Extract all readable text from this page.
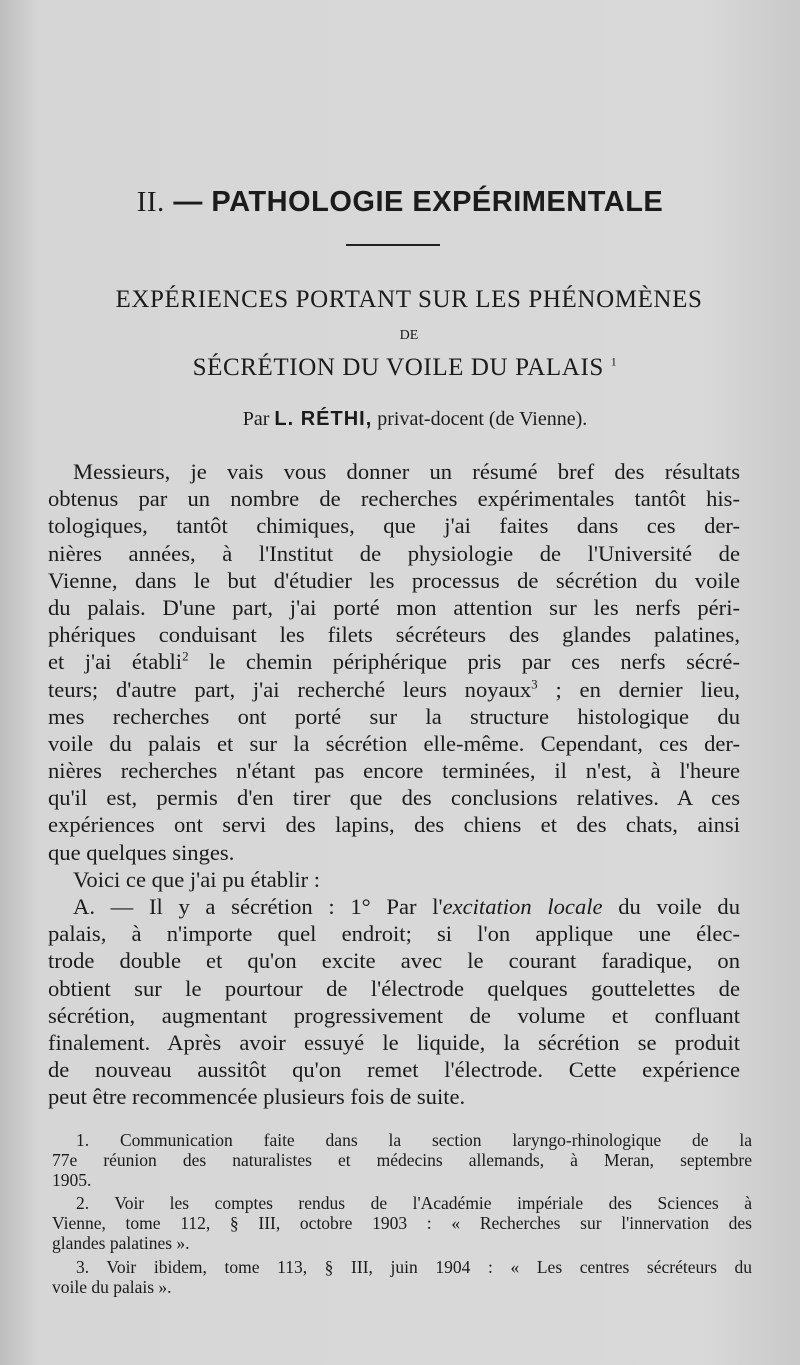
II. — PATHOLOGIE EXPÉRIMENTALE
EXPÉRIENCES PORTANT SUR LES PHÉNOMÈNES
DE
SÉCRÉTION DU VOILE DU PALAIS $^1$
Par L. RÉTHI, privat-docent (de Vienne).
Messieurs, je vais vous donner un résumé bref des résultats
obtenus par un nombre de recherches expérimentales tantôt his-
tologiques, tantôt chimiques, que j'ai faites dans ces der-
nières années, à l'Institut de physiologie de l'Université de
Vienne, dans le but d'étudier les processus de sécrétion du voile
du palais. D'une part, j'ai porté mon attention sur les nerfs péri-
phériques conduisant les filets sécréteurs des glandes palatines,
et j'ai établi$^2$ le chemin périphérique pris par ces nerfs sécré-
teurs; d'autre part, j'ai recherché leurs noyaux$^3$ ; en dernier lieu,
mes recherches ont porté sur la structure histologique du
voile du palais et sur la sécrétion elle-même. Cependant, ces der-
nières recherches n'étant pas encore terminées, il n'est, à l'heure
qu'il est, permis d'en tirer que des conclusions relatives. A ces
expériences ont servi des lapins, des chiens et des chats, ainsi
que quelques singes.
Voici ce que j'ai pu établir :
A. — Il y a sécrétion : 1° Par l'excitation locale du voile du
palais, à n'importe quel endroit; si l'on applique une élec-
trode double et qu'on excite avec le courant faradique, on
obtient sur le pourtour de l'électrode quelques gouttelettes de
sécrétion, augmentant progressivement de volume et confluant
finalement. Après avoir essuyé le liquide, la sécrétion se produit
de nouveau aussitôt qu'on remet l'électrode. Cette expérience
peut être recommencée plusieurs fois de suite.
1. Communication faite dans la section laryngo-rhinologique de la
77e réunion des naturalistes et médecins allemands, à Meran, septembre
1905.
2. Voir les comptes rendus de l'Académie impériale des Sciences à
Vienne, tome 112, § III, octobre 1903 : « Recherches sur l'innervation des
glandes palatines ».
3. Voir ibidem, tome 113, § III, juin 1904 : « Les centres sécréteurs du
voile du palais ».
